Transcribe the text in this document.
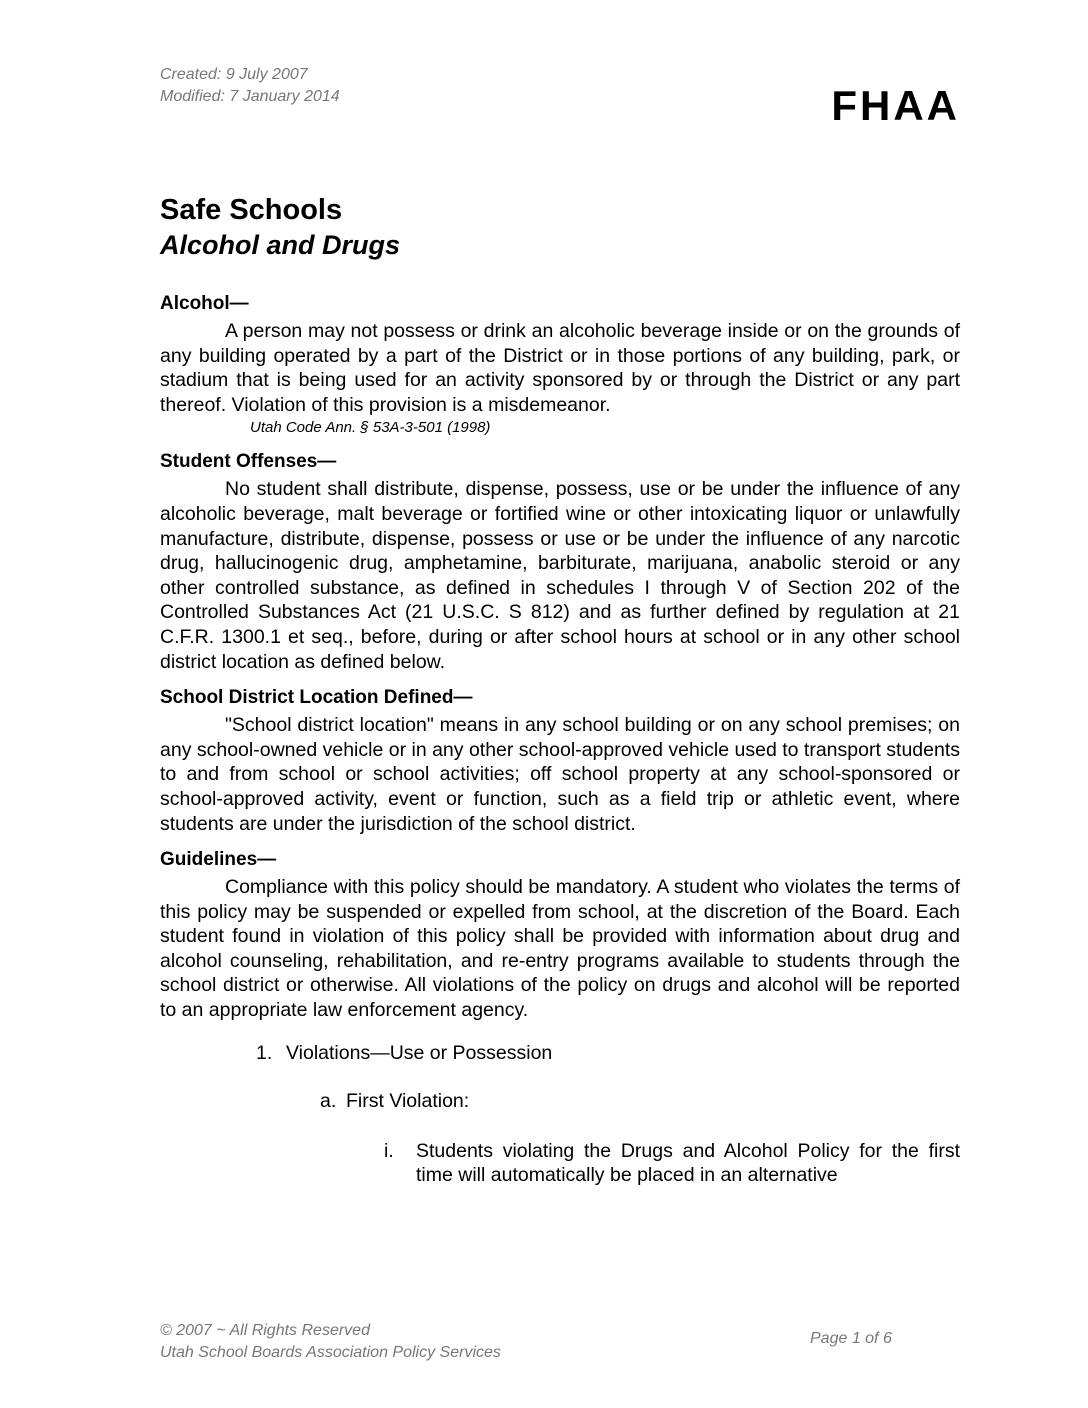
Created: 9 July 2007
Modified: 7 January 2014	FHAA
Safe Schools
Alcohol and Drugs
Alcohol—

A person may not possess or drink an alcoholic beverage inside or on the grounds of any building operated by a part of the District or in those portions of any building, park, or stadium that is being used for an activity sponsored by or through the District or any part thereof. Violation of this provision is a misdemeanor.

Utah Code Ann. § 53A-3-501 (1998)
Student Offenses—

No student shall distribute, dispense, possess, use or be under the influence of any alcoholic beverage, malt beverage or fortified wine or other intoxicating liquor or unlawfully manufacture, distribute, dispense, possess or use or be under the influence of any narcotic drug, hallucinogenic drug, amphetamine, barbiturate, marijuana, anabolic steroid or any other controlled substance, as defined in schedules I through V of Section 202 of the Controlled Substances Act (21 U.S.C. S 812) and as further defined by regulation at 21 C.F.R. 1300.1 et seq., before, during or after school hours at school or in any other school district location as defined below.

School District Location Defined—

"School district location" means in any school building or on any school premises; on any school-owned vehicle or in any other school-approved vehicle used to transport students to and from school or school activities; off school property at any school-sponsored or school-approved activity, event or function, such as a field trip or athletic event, where students are under the jurisdiction of the school district.

Guidelines—

Compliance with this policy should be mandatory. A student who violates the terms of this policy may be suspended or expelled from school, at the discretion of the Board. Each student found in violation of this policy shall be provided with information about drug and alcohol counseling, rehabilitation, and re-entry programs available to students through the school district or otherwise. All violations of the policy on drugs and alcohol will be reported to an appropriate law enforcement agency.

1. Violations—Use or Possession
a. First Violation:
i.	Students violating the Drugs and Alcohol Policy for the first time will automatically be placed in an alternative
© 2007 ~ All Rights Reserved
Utah School Boards Association Policy Services
Page 1 of 6
